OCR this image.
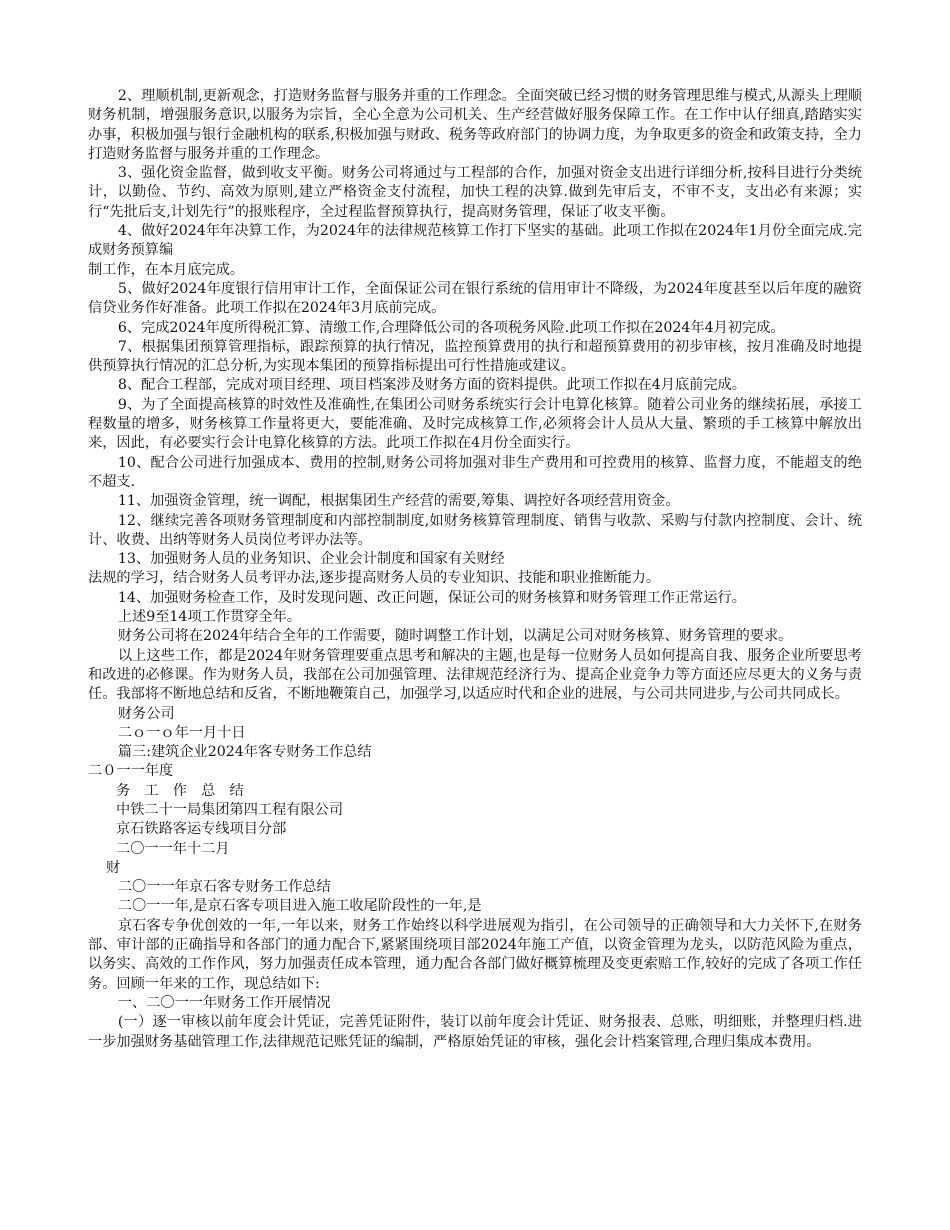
2、理顺机制,更新观念，打造财务监督与服务并重的工作理念。全面突破已经习惯的财务管理思维与模式,从源头上理顺财务机制，增强服务意识,以服务为宗旨，全心全意为公司机关、生产经营做好服务保障工作。在工作中认仔细真,踏踏实实办事，积极加强与银行金融机构的联系,积极加强与财政、税务等政府部门的协调力度，为争取更多的资金和政策支持，全力打造财务监督与服务并重的工作理念。

3、强化资金监督，做到收支平衡。财务公司将通过与工程部的合作，加强对资金支出进行详细分析,按科目进行分类统计，以勤俭、节约、高效为原则,建立严格资金支付流程，加快工程的决算.做到先审后支，不审不支，支出必有来源；实行“先批后支,计划先行”的报账程序，全过程监督预算执行，提高财务管理，保证了收支平衡。

4、做好2024年年决算工作，为2024年的法律规范核算工作打下坚实的基础。此项工作拟在2024年1月份全面完成.完成财务预算编

制工作，在本月底完成。

5、做好2024年度银行信用审计工作，全面保证公司在银行系统的信用审计不降级，为2024年度甚至以后年度的融资信贷业务作好准备。此项工作拟在2024年3月底前完成。

6、完成2024年度所得税汇算、清缴工作,合理降低公司的各项税务风险.此项工作拟在2024年4月初完成。

7、根据集团预算管理指标，跟踪预算的执行情况，监控预算费用的执行和超预算费用的初步审核，按月准确及时地提供预算执行情况的汇总分析,为实现本集团的预算指标提出可行性措施或建议。

8、配合工程部，完成对项目经理、项目档案涉及财务方面的资料提供。此项工作拟在4月底前完成。

9、为了全面提高核算的时效性及准确性,在集团公司财务系统实行会计电算化核算。随着公司业务的继续拓展，承接工程数量的增多，财务核算工作量将更大，要能准确、及时完成核算工作,必须将会计人员从大量、繁琐的手工核算中解放出来，因此，有必要实行会计电算化核算的方法。此项工作拟在4月份全面实行。

10、配合公司进行加强成本、费用的控制,财务公司将加强对非生产费用和可控费用的核算、监督力度，不能超支的绝不超支.

11、加强资金管理，统一调配，根据集团生产经营的需要,筹集、调控好各项经营用资金。

12、继续完善各项财务管理制度和内部控制制度,如财务核算管理制度、销售与收款、采购与付款内控制度、会计、统计、收费、出纳等财务人员岗位考评办法等。

13、加强财务人员的业务知识、企业会计制度和国家有关财经

法规的学习，结合财务人员考评办法,逐步提高财务人员的专业知识、技能和职业推断能力。

14、加强财务检查工作，及时发现问题、改正问题，保证公司的财务核算和财务管理工作正常运行。

上述9至14项工作贯穿全年。

财务公司将在2024年结合全年的工作需要，随时调整工作计划，以满足公司对财务核算、财务管理的要求。

以上这些工作，都是2024年财务管理要重点思考和解决的主题,也是每一位财务人员如何提高自我、服务企业所要思考和改进的必修课。作为财务人员，我部在公司加强管理、法律规范经济行为、提高企业竞争力等方面还应尽更大的义务与责任。我部将不断地总结和反省，不断地鞭策自己，加强学习,以适应时代和企业的进展，与公司共同进步,与公司共同成长。

财务公司

二ｏ一ｏ年一月十日

篇三:建筑企业2024年客专财务工作总结

二０一一年度

务　工　作　总　结

中铁二十一局集团第四工程有限公司

京石铁路客运专线项目分部

二〇一一年十二月

财

二〇一一年京石客专财务工作总结

二〇一一年,是京石客专项目进入施工收尾阶段性的一年,是

京石客专争优创效的一年,一年以来，财务工作始终以科学进展观为指引，在公司领导的正确领导和大力关怀下,在财务部、审计部的正确指导和各部门的通力配合下,紧紧围绕项目部2024年施工产值，以资金管理为龙头，以防范风险为重点，以务实、高效的工作作风，努力加强责任成本管理，通力配合各部门做好概算梳理及变更索赔工作,较好的完成了各项工作任务。回顾一年来的工作，现总结如下:

一、二〇一一年财务工作开展情况

(一）逐一审核以前年度会计凭证，完善凭证附件，装订以前年度会计凭证、财务报表、总账，明细账，并整理归档.进一步加强财务基础管理工作,法律规范记账凭证的编制，严格原始凭证的审核，强化会计档案管理,合理归集成本费用。
